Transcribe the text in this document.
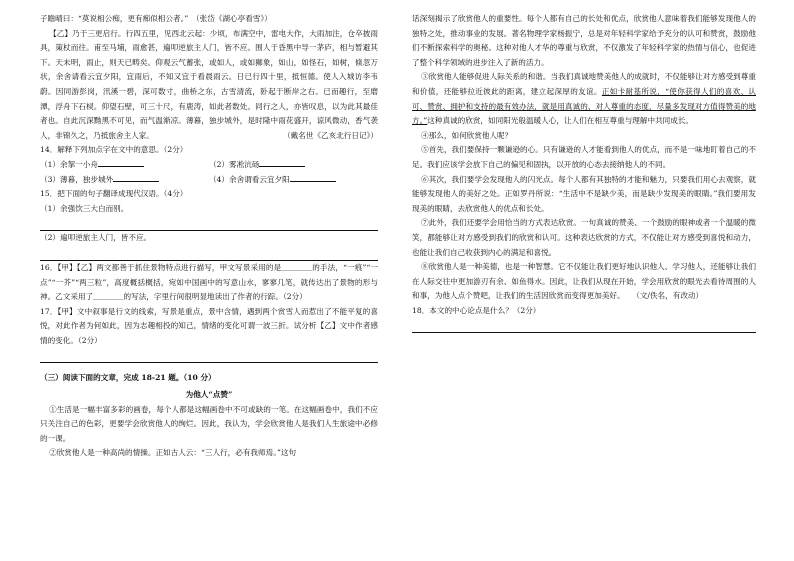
子瞻晴曰：“莫说相公痴，更有痴似相公者。”　（张岱《湖心亭看雪》）

【乙】乃于三更启行。行四五里，见西北云起：少顷，布满空中，雷电大作，大雨加注，仓卒披雨具，策杖而往。甫至马埔，雨愈甚，遍叩逆旅主人门，皆不应。围人于昏黑中导一茅庐，相与暂避其下。天未明，雨止，则天已畴矣。仰观云气蓄张，或如人，或如狮象，如山，如怪石，如树，倏忽万状，余舍请看云宜夕阳，宜雨后，不知又宜于看晨雨云。日已行四十里，抵恒德。使人入城访李韦蔚。因同游彭岗，汛溪一碧，深可数寸，曲桥之东，古雪清流，卧起于断岸之右。已而趣行，至磨潭，浮舟下石棂。仰望石壁，可三十尺，有鹿涛，如此者数处。同行之人，亦皆叹息，以为此其最佳者也。自此沉深黝黑不可见，而气温渐凉。薄暮，独步城外，是时隆中雨花盛开，谅风微动，香气袭人，非锦久之，乃抵旅舍主人家。	（戴名世《乙亥北行日记》）

14．解释下列加点字在文中的意思。（2分）

（1）余挐一小舟	（2）雾凇沆砀
（3）薄暮，独步城外	（4）余舍谓看云宜夕阳

15．把下面的句子翻译成现代汉语。（4分）

（1）余强饮三大白而别。

（2）遍叩逆旅主人门，皆不应。

16．【甲】【乙】两文都善于抓住景物特点进行描写，甲文写景采用的是＿＿＿＿的手法，“一痕”“一点”“一芥”“两三粒”，高度概括概括，宛如中国画中的写意山水，寥寥几笔，就传达出了景物的形与神。乙文采用了＿＿＿＿的写法，字里行间很明显地读出了作者的行踪。（2分）

17．【甲】文中叙事是行文的线索，写景是重点，景中含情，遇到两个赏雪人而惹出了不能平复的喜悦，对此作者为何如此，因为志趣相投的知己，情绪的变化可谓一波三折。试分析【乙】文中作者感情的变化。（2分）

（三）阅读下面的文章，完成 18-21 题。（10 分）

为他人“点赞”

①生活是一幅丰富多彩的画卷，每个人都是这幅画卷中不可或缺的一笔。在这幅画卷中，我们不应只关注自己的色彩，更要学会欣赏他人的绚烂。因此，我认为，学会欣赏他人是我们人生旅途中必修的一课。

②欣赏他人是一种高尚的情操。正如古人云：“三人行，必有我师焉。”这句

话深刻揭示了欣赏他人的重要性。每个人都有自己的长处和优点，欣赏他人意味着我们能够发现他人的独特之处，推动事业的发展。著名物理学家杨振宁，总是对年轻科学家给予充分的认可和赞赏，鼓励他们不断探索科学的奥秘。这种对他人才华的尊重与欣赏，不仅激发了年轻科学家的热情与信心，也促进了整个科学领域的进步注入了新的活力。

③欣赏他人能够促进人际关系的和谐。当我们真诚地赞美他人的成就时，不仅能够让对方感受到尊重和价值，还能够拉近彼此的距离，建立起深厚的友谊。正如卡耐基所说，“使你获得人们的喜欢、认可、赞赏、拥护和支持的最有效办法，就是用真诚的、对人尊重的态度，尽量多发现对方值得赞美的地方。”这种真诚的欣赏，如同阳光般温暖人心，让人们在相互尊重与理解中共同成长。

④那么，如何欣赏他人呢？

⑤首先，我们要保持一颗谦逊的心。只有谦逊的人才能看到他人的优点，而不是一味地盯着自己的不足。我们应该学会放下自己的偏见和固执，以开放的心态去接纳他人的不同。

⑥其次，我们要学会发现他人的闪光点。每个人都有其独特的才能和魅力，只要我们用心去观察，就能够发现他人的美好之处。正如罗丹所说：“生活中不是缺少美，而是缺少发现美的眼睛。”我们要用发现美的眼睛，去欣赏他人的优点和长处。

⑦此外，我们还要学会用恰当的方式表达欣赏。一句真诚的赞美、一个鼓励的眼神或者一个温暖的微笑，都能够让对方感受到我们的欣赏和认可。这种表达欣赏的方式，不仅能让对方感受到喜悦和动力，也能让我们自己收获到内心的满足和喜悦。

⑧欣赏他人是一种美德，也是一种智慧。它不仅能让我们更好地认识他人、学习他人，还能够让我们在人际交往中更加游刃有余、如鱼得水。因此，让我们从现在开始，学会用欣赏的眼光去看待周围的人和事，为他人点个赞吧，让我们的生活因欣赏而变得更加美好。　　（文/佚名，有改动）

18．本文的中心论点是什么？（2分）
